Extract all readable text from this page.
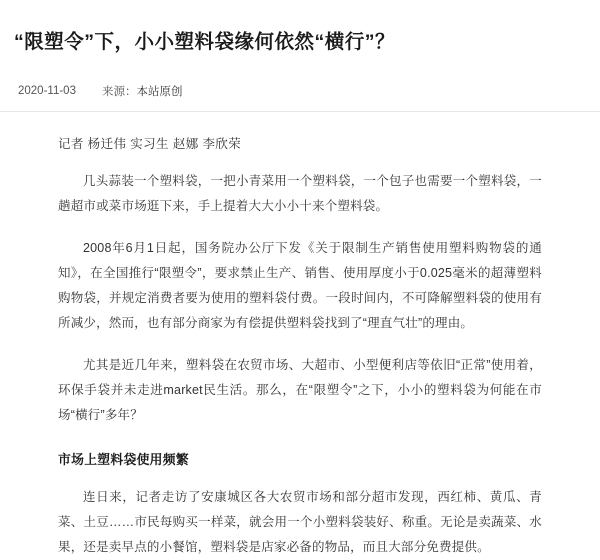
“限塑令”下，小小塑料袋缘何依然“横行”？
2020-11-03 来源： 本站原创
记者 杨迁伟 实习生 赵娜 李欣荣

几头蒜装一个塑料袋，一把小青菜用一个塑料袋，一个包子也需要一个塑料袋，一趟超市或菜市场逛下来，手上提着大大小小十来个塑料袋。

2008年6月1日起，国务院办公厅下发《关于限制生产销售使用塑料购物袋的通知》，在全国推行“限塑令”，要求禁止生产、销售、使用厚度小于0.025毫米的超薄塑料购物袋，并规定消费者要为使用的塑料袋付费。一段时间内，不可降解塑料袋的使用有所减少，然而，也有部分商家为有偿提供塑料袋找到了“理直气壮”的理由。

尤其是近几年来，塑料袋在农贸市场、大超市、小型便利店等依旧“正常”使用着，环保手袋并未走进market民生活。那么，在“限塑令”之下，小小的塑料袋为何能在市场“横行”多年？

市场上塑料袋使用频繁

连日来，记者走访了安康城区各大农贸市场和部分超市发现，西红柿、黄瓜、青菜、土豆……市民每购买一样菜，就会用一个小塑料袋装好、称重。无论是卖蔬菜、水果，还是卖早点的小餐馆，塑料袋是店家必备的物品，而且大部分免费提供。
